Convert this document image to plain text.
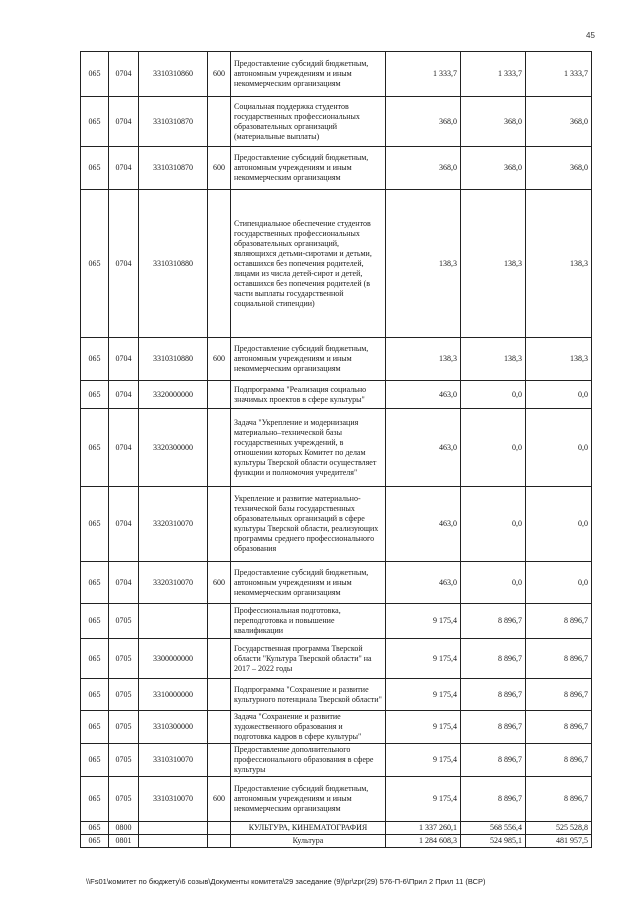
45
065	0704	3310310860	600	Предоставление субсидий бюджетным, автономным учреждениям и иным некоммерческим организациям	1 333,7	1 333,7	1 333,7
065	0704	3310310870		Социальная поддержка студентов государственных профессиональных образовательных организаций (материальные выплаты)	368,0	368,0	368,0
065	0704	3310310870	600	Предоставление субсидий бюджетным, автономным учреждениям и иным некоммерческим организациям	368,0	368,0	368,0
065	0704	3310310880		Стипендиальное обеспечение студентов государственных профессиональных образовательных организаций, являющихся детьми-сиротами и детьми, оставшихся без попечения родителей, лицами из числа детей-сирот и детей, оставшихся без попечения родителей (в части выплаты государственной социальной стипендии)	138,3	138,3	138,3
065	0704	3310310880	600	Предоставление субсидий бюджетным, автономным учреждениям и иным некоммерческим организациям	138,3	138,3	138,3
065	0704	3320000000		Подпрограмма "Реализация социально значимых проектов в сфере культуры"	463,0	0,0	0,0
065	0704	3320300000		Задача "Укрепление и модернизация материально–технической базы государственных учреждений, в отношении которых Комитет по делам культуры Тверской области осуществляет функции и полномочия учредителя"	463,0	0,0	0,0
065	0704	3320310070		Укрепление и развитие материально-технической базы государственных образовательных организаций в сфере культуры Тверской области, реализующих программы среднего профессионального образования	463,0	0,0	0,0
065	0704	3320310070	600	Предоставление субсидий бюджетным, автономным учреждениям и иным некоммерческим организациям	463,0	0,0	0,0
065	0705			Профессиональная подготовка, переподготовка и повышение квалификации	9 175,4	8 896,7	8 896,7
065	0705	3300000000		Государственная программа Тверской области "Культура Тверской области" на 2017 – 2022 годы	9 175,4	8 896,7	8 896,7
065	0705	3310000000		Подпрограмма "Сохранение и развитие культурного потенциала Тверской области"	9 175,4	8 896,7	8 896,7
065	0705	3310300000		Задача "Сохранение и развитие художественного образования и подготовка кадров в сфере культуры"	9 175,4	8 896,7	8 896,7
065	0705	3310310070		Предоставление дополнительного профессионального образования в сфере культуры	9 175,4	8 896,7	8 896,7
065	0705	3310310070	600	Предоставление субсидий бюджетным, автономным учреждениям и иным некоммерческим организациям	9 175,4	8 896,7	8 896,7
065	0800			КУЛЬТУРА, КИНЕМАТОГРАФИЯ	1 337 260,1	568 556,4	525 528,8
065	0801			Культура	1 284 608,3	524 985,1	481 957,5
\\Fs01\комитет по бюджету\6 созыв\Документы комитета\29 заседание (9)\pr\zpr(29) 576-П-6\Прил 2 Прил 11 (ВСР)
